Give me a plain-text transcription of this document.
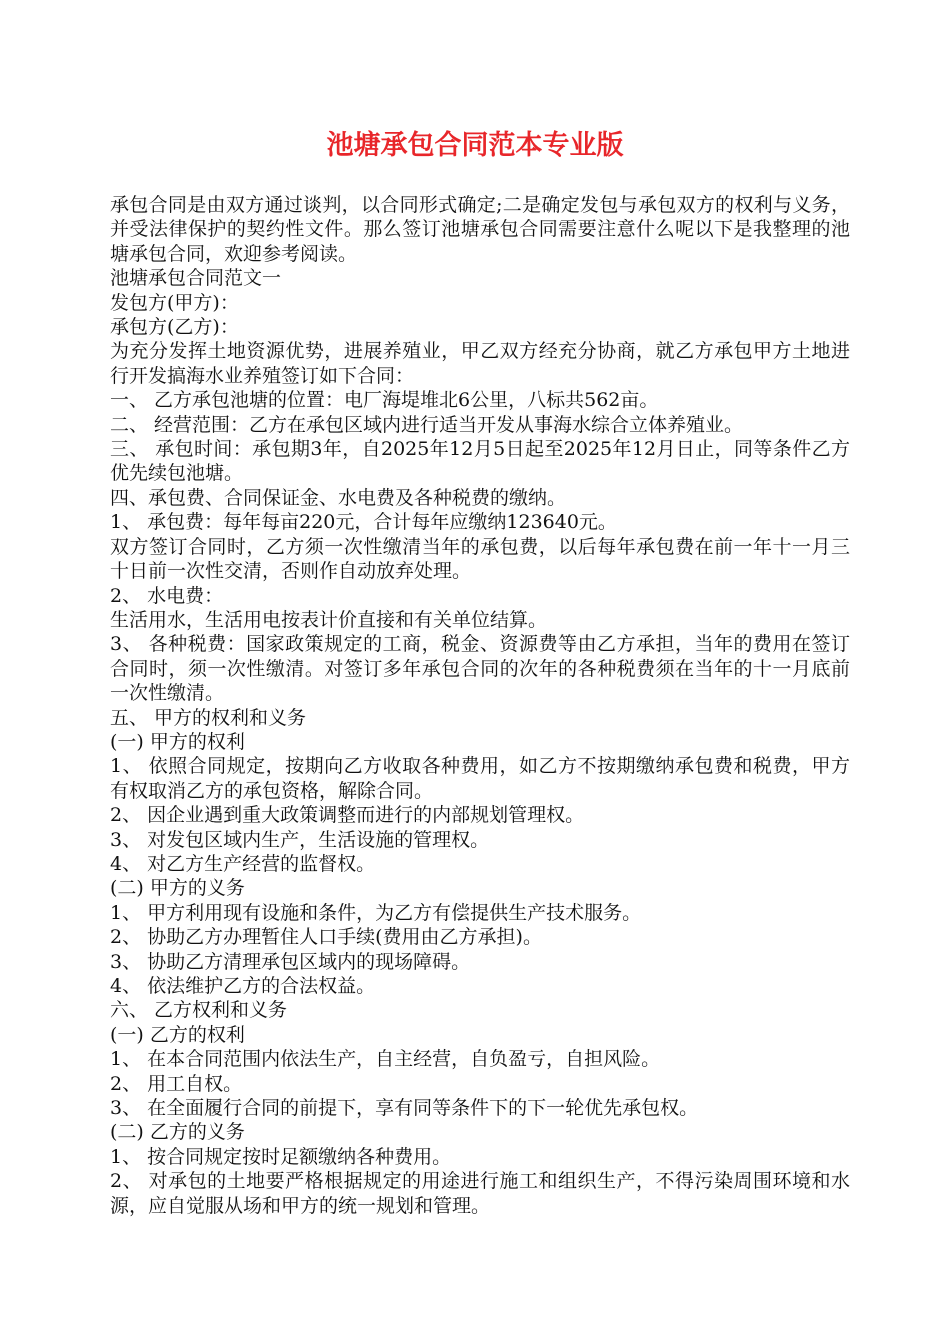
池塘承包合同范本专业版

承包合同是由双方通过谈判，以合同形式确定;二是确定发包与承包双方的权利与义务，并受法律保护的契约性文件。那么签订池塘承包合同需要注意什么呢以下是我整理的池塘承包合同，欢迎参考阅读。

池塘承包合同范文一

发包方(甲方)：

承包方(乙方)：

为充分发挥土地资源优势，进展养殖业，甲乙双方经充分协商，就乙方承包甲方土地进行开发搞海水业养殖签订如下合同：

一、 乙方承包池塘的位置：电厂海堤堆北6公里，八标共562亩。

二、 经营范围：乙方在承包区域内进行适当开发从事海水综合立体养殖业。

三、 承包时间：承包期3年，自2025年12月5日起至2025年12月日止，同等条件乙方优先续包池塘。

四、承包费、合同保证金、水电费及各种税费的缴纳。

1、 承包费：每年每亩220元，合计每年应缴纳123640元。

双方签订合同时，乙方须一次性缴清当年的承包费，以后每年承包费在前一年十一月三十日前一次性交清，否则作自动放弃处理。

2、 水电费：

生活用水，生活用电按表计价直接和有关单位结算。

3、 各种税费：国家政策规定的工商，税金、资源费等由乙方承担，当年的费用在签订合同时，须一次性缴清。对签订多年承包合同的次年的各种税费须在当年的十一月底前一次性缴清。

五、 甲方的权利和义务

(一) 甲方的权利

1、 依照合同规定，按期向乙方收取各种费用，如乙方不按期缴纳承包费和税费，甲方有权取消乙方的承包资格，解除合同。

2、 因企业遇到重大政策调整而进行的内部规划管理权。

3、 对发包区域内生产，生活设施的管理权。

4、 对乙方生产经营的监督权。

(二) 甲方的义务

1、 甲方利用现有设施和条件，为乙方有偿提供生产技术服务。

2、 协助乙方办理暂住人口手续(费用由乙方承担)。

3、 协助乙方清理承包区域内的现场障碍。

4、 依法维护乙方的合法权益。

六、 乙方权利和义务

(一) 乙方的权利

1、 在本合同范围内依法生产，自主经营，自负盈亏，自担风险。

2、 用工自权。

3、 在全面履行合同的前提下，享有同等条件下的下一轮优先承包权。

(二) 乙方的义务

1、 按合同规定按时足额缴纳各种费用。

2、 对承包的土地要严格根据规定的用途进行施工和组织生产，不得污染周围环境和水源，应自觉服从场和甲方的统一规划和管理。
